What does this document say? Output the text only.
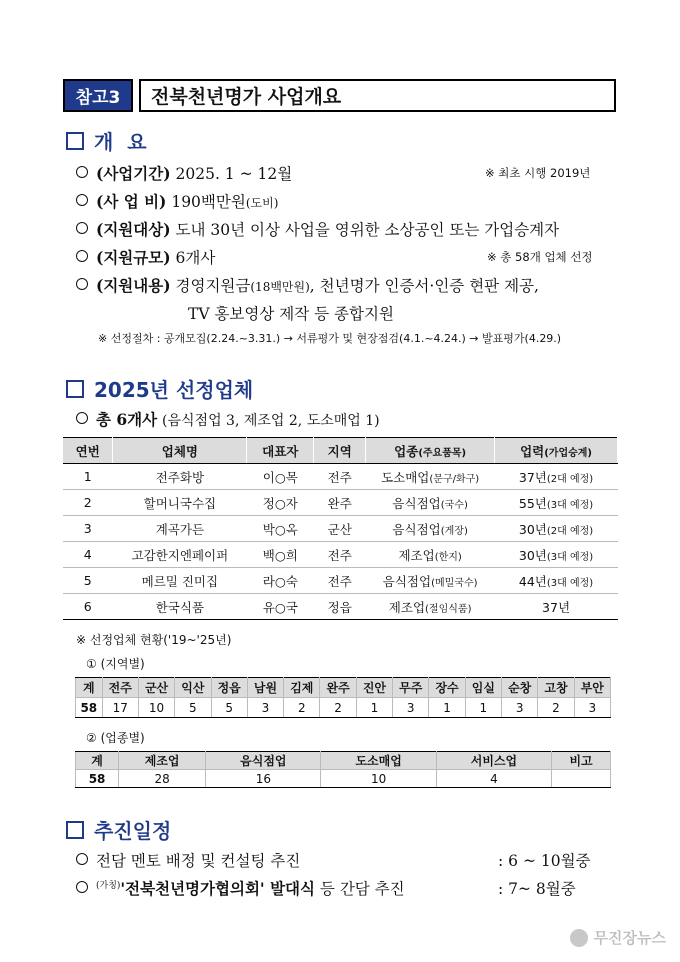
참고3	전북천년명가 사업개요
개  요
(사업기간) 2025. 1 ~ 12월	※ 최초 시행 2019년
(사 업 비) 190백만원(도비)
(지원대상) 도내 30년 이상 사업을 영위한 소상공인 또는 가업승계자
(지원규모) 6개사	※ 총 58개 업체 선정
(지원내용) 경영지원금(18백만원), 천년명가 인증서·인증 현판 제공,
TV 홍보영상 제작 등 종합지원
※ 선정절차 : 공개모집(2.24.~3.31.) → 서류평가 및 현장점검(4.1.~4.24.) → 발표평가(4.29.)
2025년 선정업체
총 6개사 (음식점업 3, 제조업 2, 도소매업 1)
연번	업체명	대표자	지역	업종(주요품목)	업력(가업승계)
1	전주화방	이○목	전주	도소매업(문구/화구)	37년(2대 예정)
2	할머니국수집	정○자	완주	음식점업(국수)	55년(3대 예정)
3	계곡가든	박○옥	군산	음식점업(게장)	30년(2대 예정)
4	고감한지엔페이퍼	백○희	전주	제조업(한지)	30년(3대 예정)
5	메르밀 진미집	라○숙	전주	음식점업(메밀국수)	44년(3대 예정)
6	한국식품	유○국	정읍	제조업(절임식품)	37년
※ 선정업체 현황('19~'25년)
① (지역별)
계	전주	군산	익산	정읍	남원	김제	완주	진안	무주	장수	임실	순창	고창	부안
58	17	10	5	5	3	2	2	1	3	1	1	3	2	3
② (업종별)
계	제조업	음식점업	도소매업	서비스업	비고
58	28	16	10	4	
추진일정
전담 멘토 배정 및 컨설팅 추진	: 6 ~ 10월중
$^{(가칭)}$'전북천년명가협의회' 발대식 등 간담 추진	: 7~ 8월중
무진장뉴스
